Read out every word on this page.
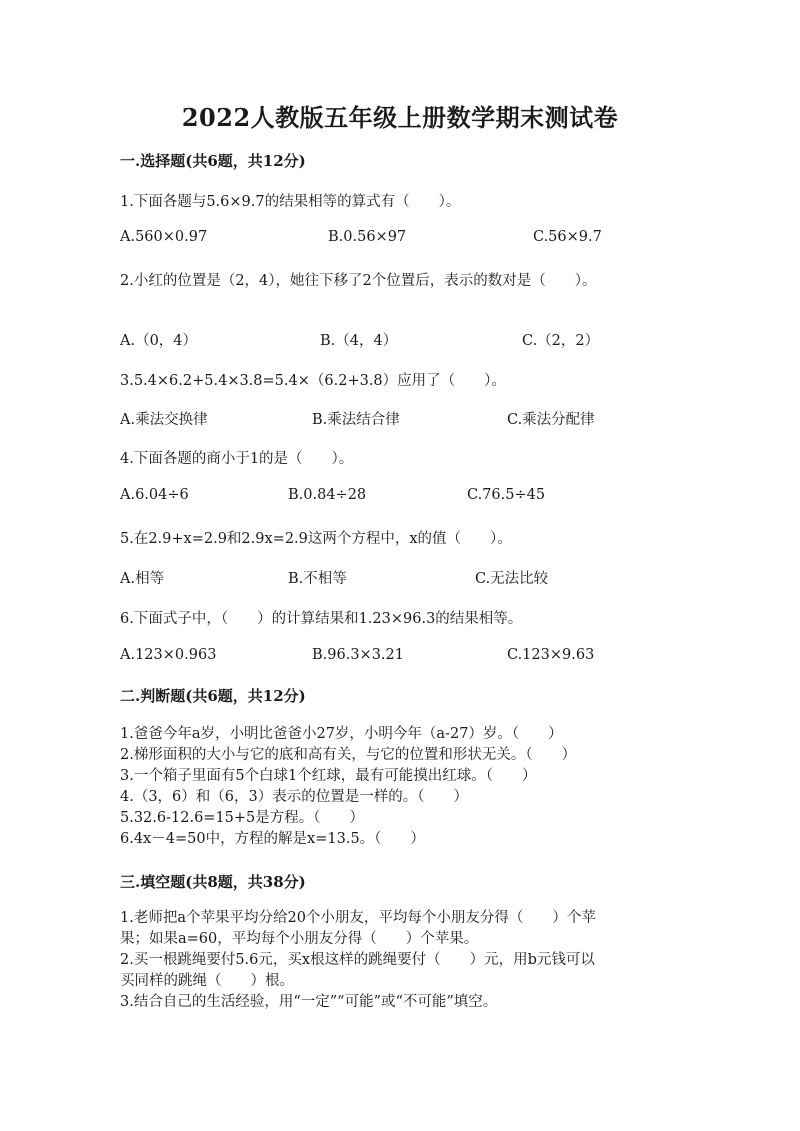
2022人教版五年级上册数学期末测试卷
一.选择题(共6题，共12分)
1.下面各题与5.6×9.7的结果相等的算式有（　　）。
A.560×0.97	B.0.56×97	C.56×9.7
2.小红的位置是（2，4），她往下移了2个位置后，表示的数对是（　　）。
A.（0，4）	B.（4，4）	C.（2，2）
3.5.4×6.2+5.4×3.8=5.4×（6.2+3.8）应用了（　　）。
A.乘法交换律	B.乘法结合律	C.乘法分配律
4.下面各题的商小于1的是（　　）。
A.6.04÷6	B.0.84÷28	C.76.5÷45
5.在2.9+x=2.9和2.9x=2.9这两个方程中，x的值（　　）。
A.相等	B.不相等	C.无法比较
6.下面式子中，（　　）的计算结果和1.23×96.3的结果相等。
A.123×0.963	B.96.3×3.21	C.123×9.63
二.判断题(共6题，共12分)
1.爸爸今年a岁，小明比爸爸小27岁，小明今年（a-27）岁。（　　）
2.梯形面积的大小与它的底和高有关，与它的位置和形状无关。（　　）
3.一个箱子里面有5个白球1个红球，最有可能摸出红球。（　　）
4.（3，6）和（6，3）表示的位置是一样的。（　　）
5.32.6-12.6=15+5是方程。（　　）
6.4x－4=50中，方程的解是x=13.5。（　　）
三.填空题(共8题，共38分)
1.老师把a个苹果平均分给20个小朋友，平均每个小朋友分得（　　）个苹
果；如果a=60，平均每个小朋友分得（　　）个苹果。
2.买一根跳绳要付5.6元，买x根这样的跳绳要付（　　）元，用b元钱可以
买同样的跳绳（　　）根。
3.结合自己的生活经验，用“一定”“可能”或“不可能”填空。
